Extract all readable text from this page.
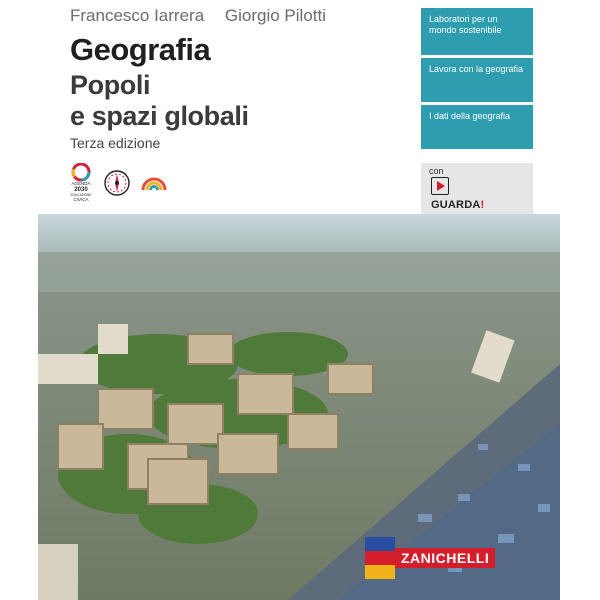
Francesco Iarrera Giorgio Pilotti
Geografia
Popoli
e spazi globali
Terza edizione
AGENDA
2030
EDUCAZIONE
CIVICA
Laboratori per un mondo sostenibile
Lavora con la geografia
I dati della geografia
con
GUARDA!
ZANICHELLI
